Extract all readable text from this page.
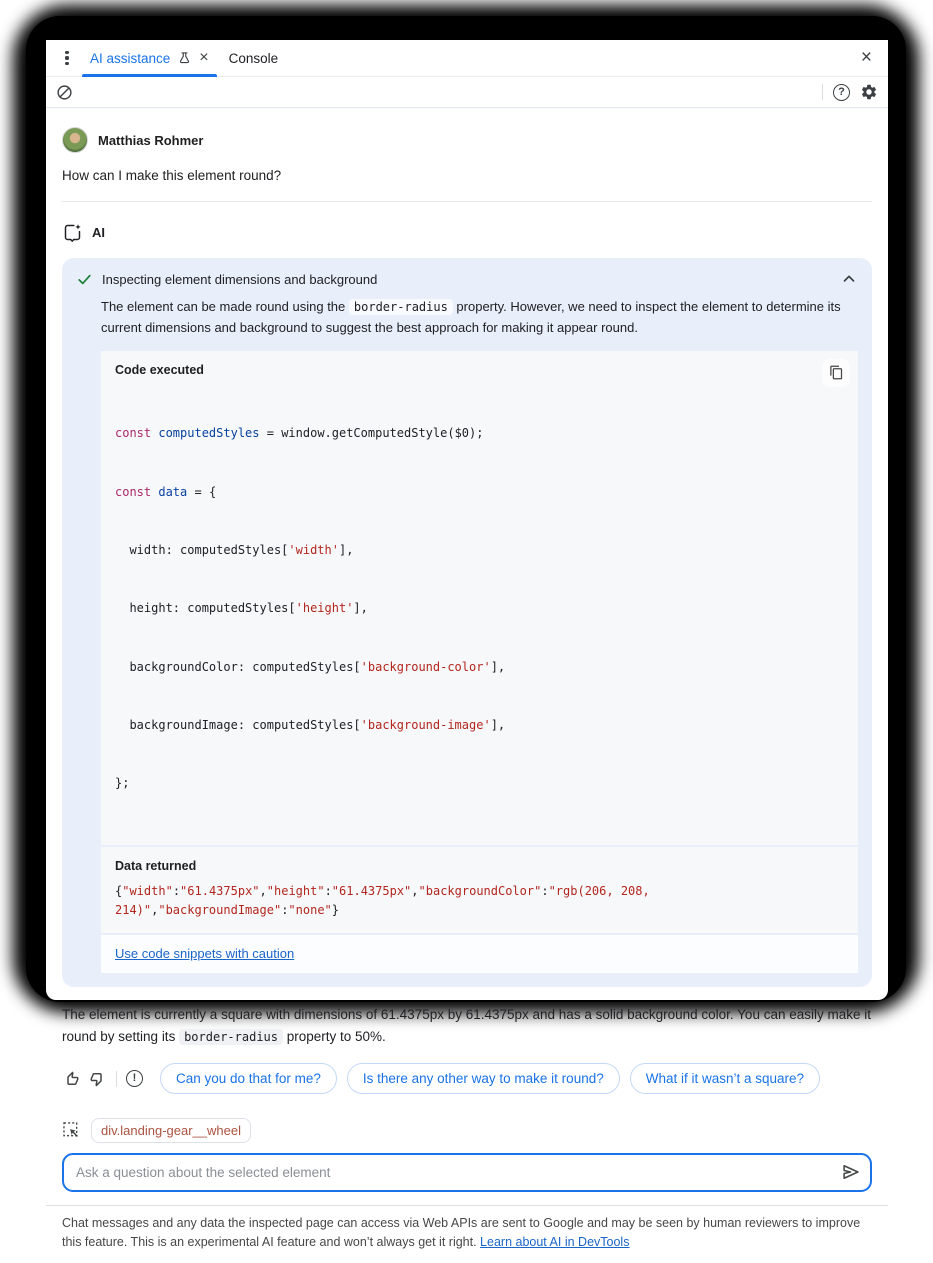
AI assistance × Console	×
?
Matthias Rohmer
How can I make this element round?
AI
Inspecting element dimensions and background
The element can be made round using the border-radius property. However, we need to inspect the element to determine its current dimensions and background to suggest the best approach for making it appear round.
Code executed

const computedStyles = window.getComputedStyle($0);

const data = {

width: computedStyles['width'],

height: computedStyles['height'],

backgroundColor: computedStyles['background-color'],

backgroundImage: computedStyles['background-image'],

};

Data returned
{"width":"61.4375px","height":"61.4375px","backgroundColor":"rgb(206, 208, 214)","backgroundImage":"none"}
Use code snippets with caution
The element is currently a square with dimensions of 61.4375px by 61.4375px and has a solid background color. You can easily make it round by setting its border-radius property to 50%.
!	Can you do that for me?	Is there any other way to make it round?	What if it wasn’t a square?
div.landing-gear__wheel
Ask a question about the selected element
Chat messages and any data the inspected page can access via Web APIs are sent to Google and may be seen by human reviewers to improve this feature. This is an experimental AI feature and won’t always get it right. Learn about AI in DevTools
